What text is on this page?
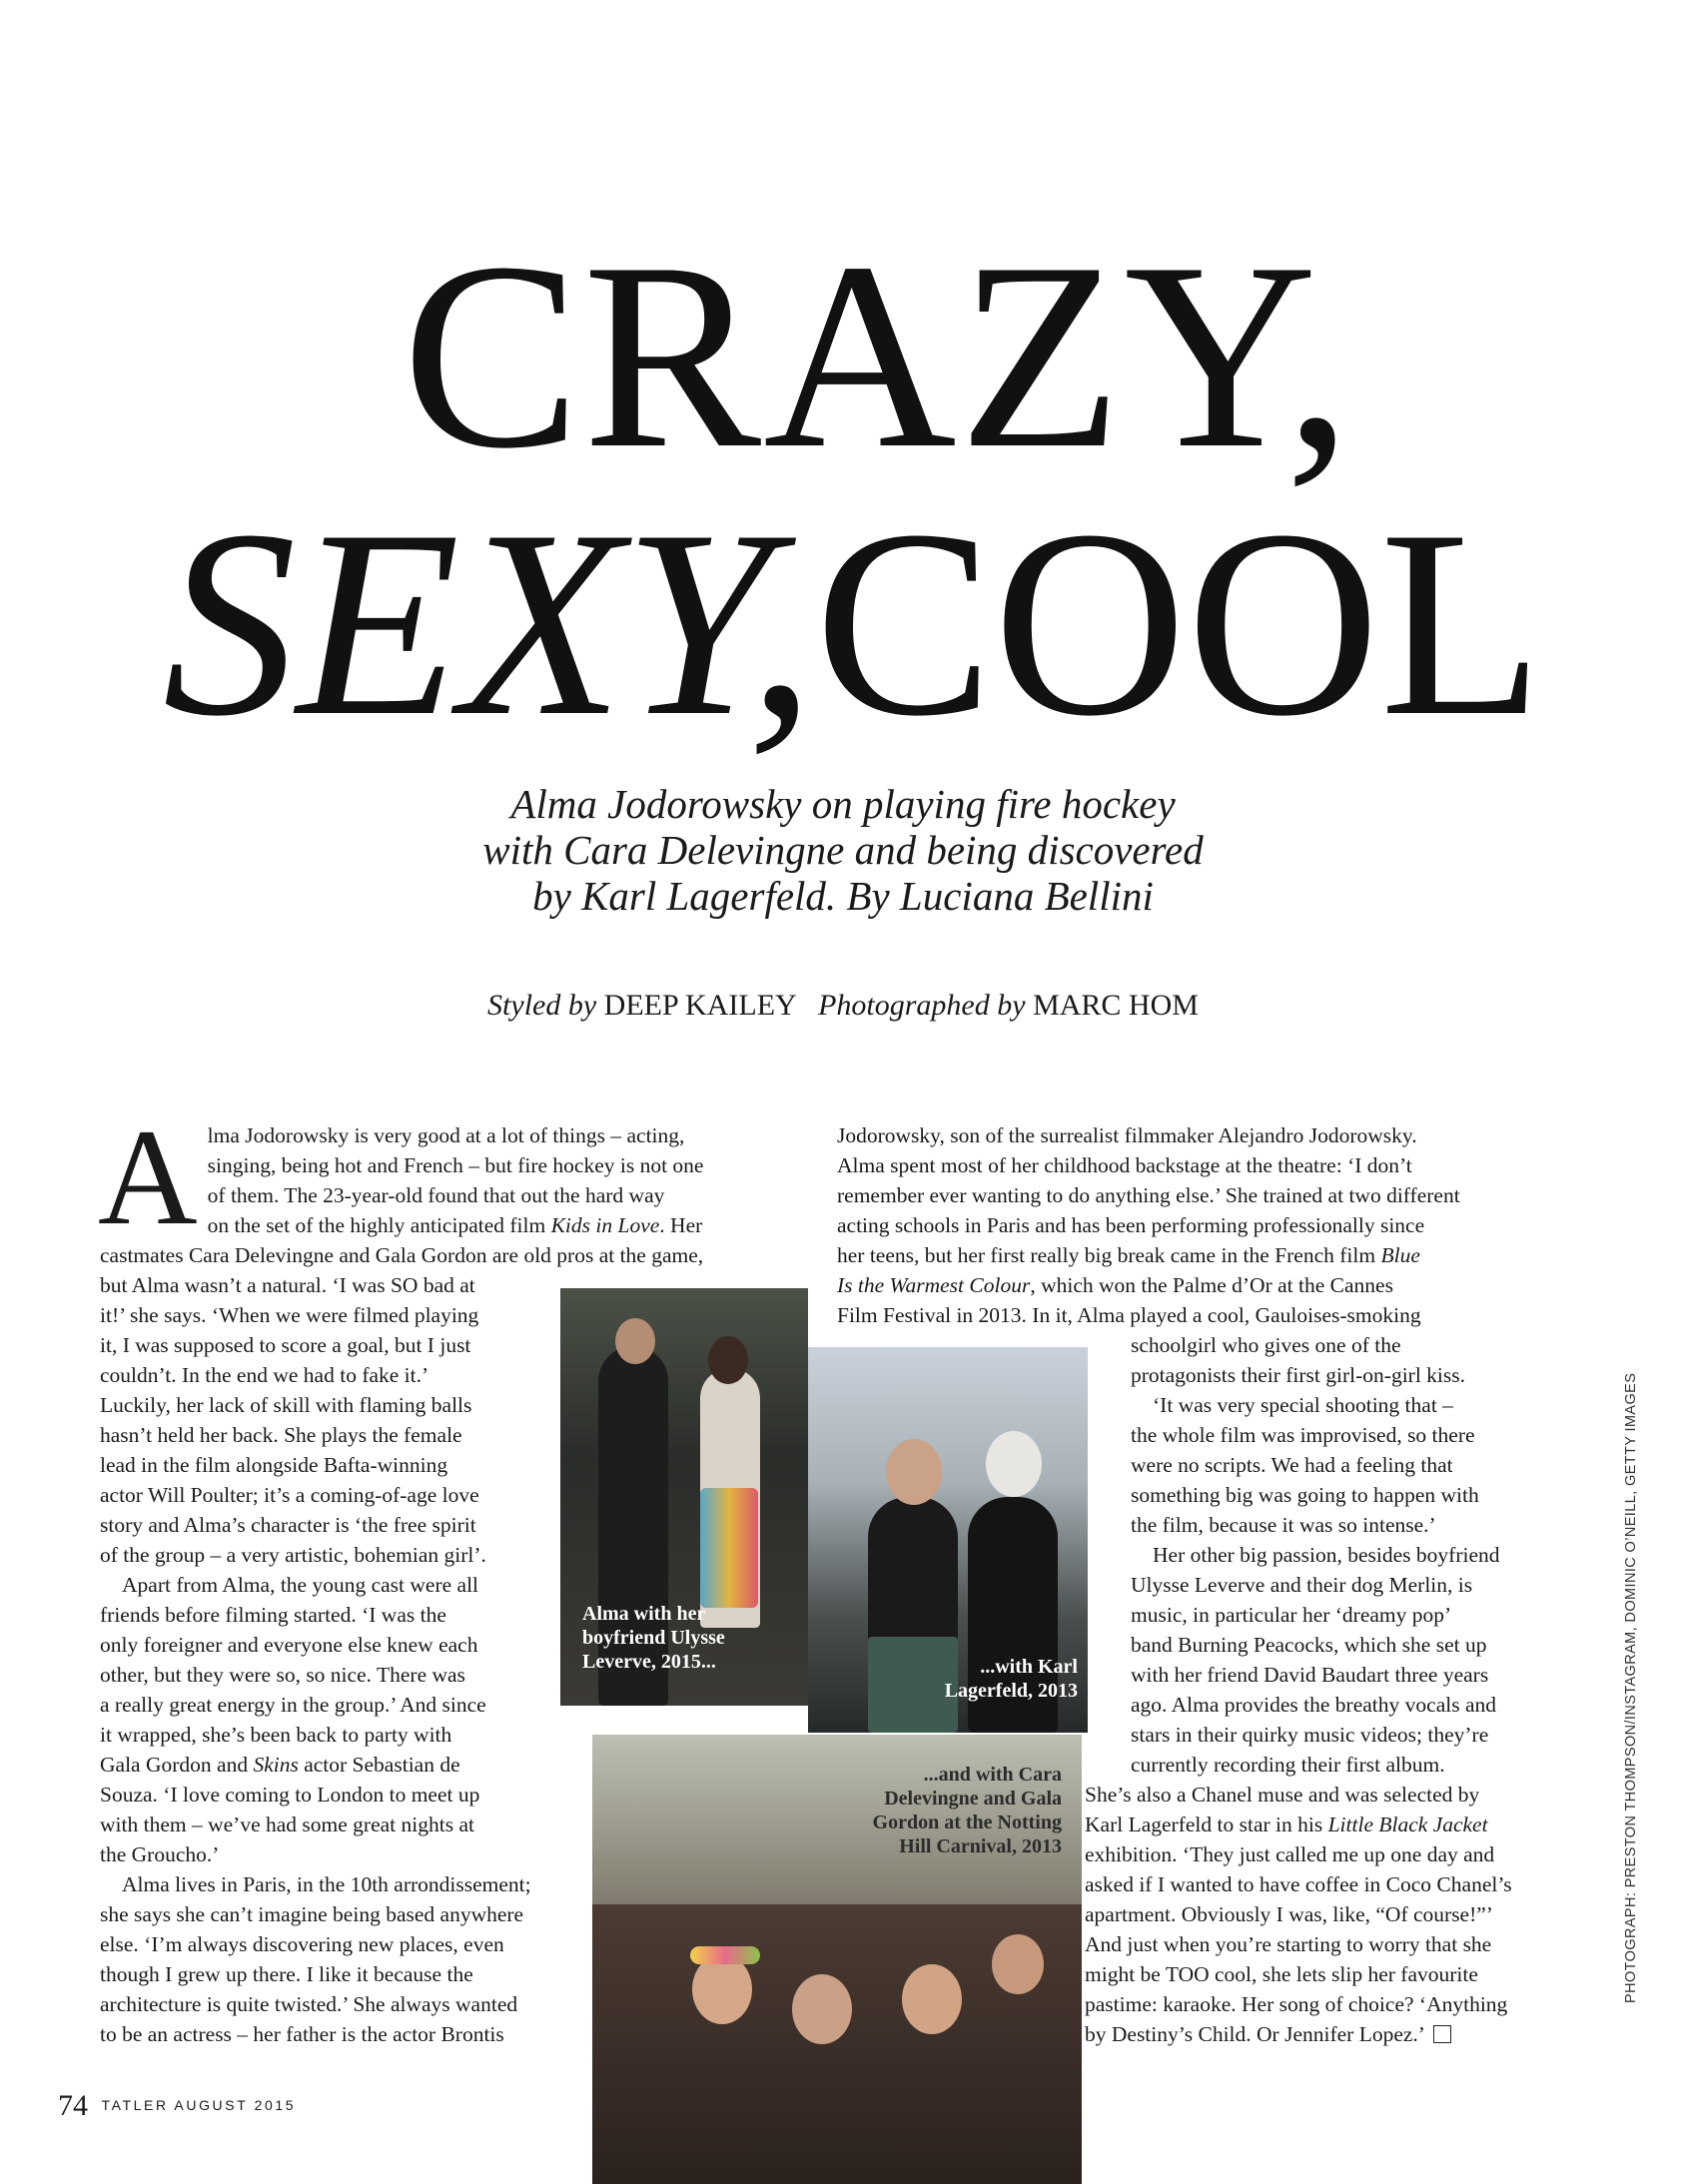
CRAZY,
SEXY,COOL
Alma Jodorowsky on playing fire hockey
with Cara Delevingne and being discovered
by Karl Lagerfeld. By Luciana Bellini
Styled by DEEP KAILEY Photographed by MARC HOM
Alma with her
boyfriend Ulysse
Leverve, 2015...	...with Karl
Lagerfeld, 2013
...and with Cara
Delevingne and Gala
Gordon at the Notting
Hill Carnival, 2013
A lma Jodorowsky is very good at a lot of things – acting,
singing, being hot and French – but fire hockey is not one
of them. The 23-year-old found that out the hard way
on the set of the highly anticipated film Kids in Love. Her
castmates Cara Delevingne and Gala Gordon are old pros at the game,
but Alma wasn’t a natural. ‘I was SO bad at
it!’ she says. ‘When we were filmed playing
it, I was supposed to score a goal, but I just
couldn’t. In the end we had to fake it.’
Luckily, her lack of skill with flaming balls
hasn’t held her back. She plays the female
lead in the film alongside Bafta-winning
actor Will Poulter; it’s a coming-of-age love
story and Alma’s character is ‘the free spirit
of the group – a very artistic, bohemian girl’.
Apart from Alma, the young cast were all
friends before filming started. ‘I was the
only foreigner and everyone else knew each
other, but they were so, so nice. There was
a really great energy in the group.’ And since
it wrapped, she’s been back to party with
Gala Gordon and Skins actor Sebastian de
Souza. ‘I love coming to London to meet up
with them – we’ve had some great nights at
the Groucho.’
Alma lives in Paris, in the 10th arrondissement;
she says she can’t imagine being based anywhere
else. ‘I’m always discovering new places, even
though I grew up there. I like it because the
architecture is quite twisted.’ She always wanted
to be an actress – her father is the actor Brontis
Jodorowsky, son of the surrealist filmmaker Alejandro Jodorowsky.
Alma spent most of her childhood backstage at the theatre: ‘I don’t
remember ever wanting to do anything else.’ She trained at two different
acting schools in Paris and has been performing professionally since
her teens, but her first really big break came in the French film Blue
Is the Warmest Colour, which won the Palme d’Or at the Cannes
Film Festival in 2013. In it, Alma played a cool, Gauloises-smoking
schoolgirl who gives one of the
protagonists their first girl-on-girl kiss.
‘It was very special shooting that –
the whole film was improvised, so there
were no scripts. We had a feeling that
something big was going to happen with
the film, because it was so intense.’
Her other big passion, besides boyfriend
Ulysse Leverve and their dog Merlin, is
music, in particular her ‘dreamy pop’
band Burning Peacocks, which she set up
with her friend David Baudart three years
ago. Alma provides the breathy vocals and
stars in their quirky music videos; they’re
currently recording their first album.
She’s also a Chanel muse and was selected by
Karl Lagerfeld to star in his Little Black Jacket
exhibition. ‘They just called me up one day and
asked if I wanted to have coffee in Coco Chanel’s
apartment. Obviously I was, like, “Of course!”’
And just when you’re starting to worry that she
might be TOO cool, she lets slip her favourite
pastime: karaoke. Her song of choice? ‘Anything
by Destiny’s Child. Or Jennifer Lopez.’
PHOTOGRAPH: PRESTON THOMPSON/INSTAGRAM, DOMINIC O’NEILL, GETTY IMAGES
74 TATLER AUGUST 2015
